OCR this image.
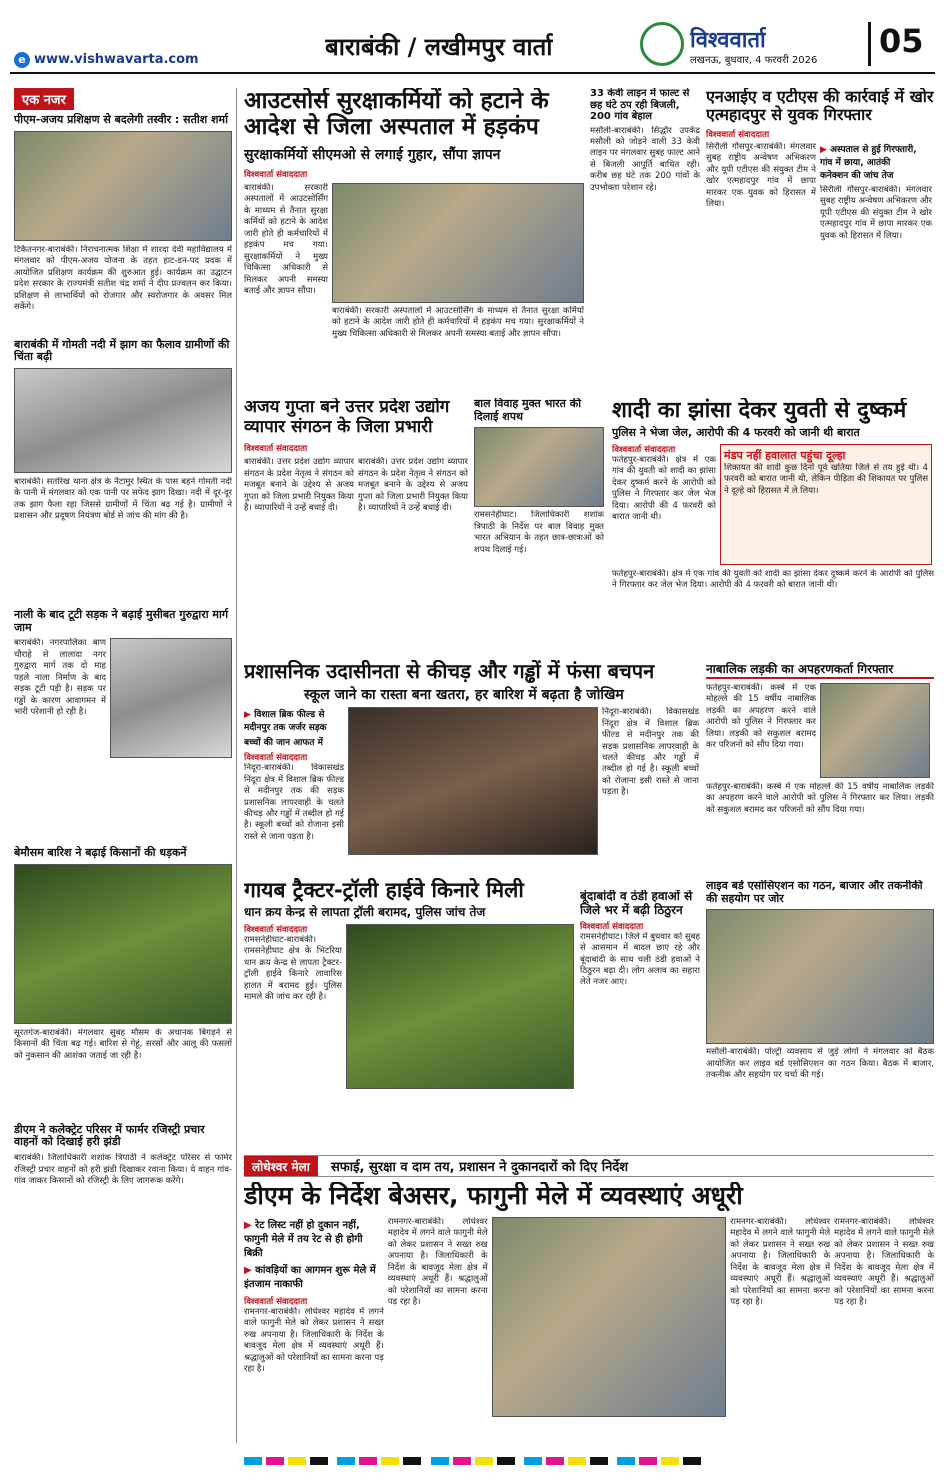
e www.vishwavarta.com	बाराबंकी / लखीमपुर वार्ता	विश्ववार्ता
लखनऊ, बुधवार, 4 फरवरी 2026
05
एक नजर
पीएम-अजय प्रशिक्षण से बदलेगी तस्वीर : सतीश शर्मा

टिकैतनगर-बाराबंकी। निराचनात्मक शिक्षा में शारदा देवी महाविद्यालय में मंगलवार को पीएम-अजय योजना के तहत हाट-डन-पद प्रदक में आयोजित प्रशिक्षण कार्यक्रम की शुरुआत हुई। कार्यक्रम का उद्घाटन प्रदेश सरकार के राज्यमंत्री सतीश चंद्र शर्मा ने दीप प्रज्वलन कर किया। प्रशिक्षण से लाभार्थियों को रोजगार और स्वरोजगार के अवसर मिल सकेंगे।

बाराबंकी में गोमती नदी में झाग का फैलाव ग्रामीणों की चिंता बढ़ी

बाराबंकी। सतरिख थाना क्षेत्र के नैटामुर स्थित के पास बहने गोमती नदी के पानी में मंगलवार को एक पानी पर सफेद झाग दिखा। नदी में दूर-दूर तक झाग फैला रहा जिससे ग्रामीणों में चिंता बढ़ गई है। ग्रामीणों ने प्रशासन और प्रदूषण नियंत्रण बोर्ड से जांच की मांग की है।

नाली के बाद टूटी सड़क ने बढ़ाई मुसीबत गुरुद्वारा मार्ग जाम

बाराबंकी। नगरपालिका बाण चौराहे से लालादा नगर गुरुद्वारा मार्ग तक दो माह पहले नाला निर्माण के बाद सड़क टूटी पड़ी है। सड़क पर गड्ढों के कारण आवागमन में भारी परेशानी हो रही है।

बेमौसम बारिश ने बढ़ाई किसानों की धड़कनें

सूरतगंज-बाराबंकी। मंगलवार सुबह मौसम के अचानक बिगड़ने से किसानों की चिंता बढ़ गई। बारिश से गेहूं, सरसों और आलू की फसलों को नुकसान की आशंका जताई जा रही है।

डीएम ने कलेक्ट्रेट परिसर में फार्मर रजिस्ट्री प्रचार वाहनों को दिखाई हरी झंडी

बाराबंकी। जिलाधिकारी शशांक त्रिपाठी ने कलेक्ट्रेट परिसर से फार्मर रजिस्ट्री प्रचार वाहनों को हरी झंडी दिखाकर रवाना किया। ये वाहन गांव-गांव जाकर किसानों को रजिस्ट्री के लिए जागरूक करेंगे।

आउटसोर्स सुरक्षाकर्मियों को हटाने के आदेश से जिला अस्पताल में हड़कंप
सुरक्षाकर्मियों सीएमओ से लगाई गुहार, सौंपा ज्ञापन
विश्ववार्ता संवाददाता

बाराबंकी। सरकारी अस्पतालों में आउटसोर्सिंग के माध्यम से तैनात सुरक्षा कर्मियों को हटाने के आदेश जारी होते ही कर्मचारियों में हड़कंप मच गया। सुरक्षाकर्मियों ने मुख्य चिकित्सा अधिकारी से मिलकर अपनी समस्या बताई और ज्ञापन सौंपा।

बाराबंकी। सरकारी अस्पतालों में आउटसोर्सिंग के माध्यम से तैनात सुरक्षा कर्मियों को हटाने के आदेश जारी होते ही कर्मचारियों में हड़कंप मच गया। सुरक्षाकर्मियों ने मुख्य चिकित्सा अधिकारी से मिलकर अपनी समस्या बताई और ज्ञापन सौंपा।

33 केवी लाइन में फाल्ट से छह घंटे ठप रही बिजली, 200 गांव बेहाल

मसौली-बाराबंकी। सिद्धौर उपकेंद्र मसौली को जोड़ने वाली 33 केवी लाइन पर मंगलवार सुबह फाल्ट आने से बिजली आपूर्ति बाधित रही। करीब छह घंटे तक 200 गांवों के उपभोक्ता परेशान रहे।

एनआईए व एटीएस की कार्रवाई में खोर एत्महादपुर से युवक गिरफ्तार
विश्ववार्ता संवाददाता

सिरौली गौसपुर-बाराबंकी। मंगलवार सुबह राष्ट्रीय अन्वेषण अभिकरण और यूपी एटीएस की संयुक्त टीम ने खोर एत्महादपुर गांव में छापा मारकर एक युवक को हिरासत में लिया।

▶ अस्पताल से हुई गिरफ्तारी, गांव में छाया, आतंकी
कनेक्शन की जांच तेज

सिरौली गौसपुर-बाराबंकी। मंगलवार सुबह राष्ट्रीय अन्वेषण अभिकरण और यूपी एटीएस की संयुक्त टीम ने खोर एत्महादपुर गांव में छापा मारकर एक युवक को हिरासत में लिया।

अजय गुप्ता बने उत्तर प्रदेश उद्योग व्यापार संगठन के जिला प्रभारी
विश्ववार्ता संवाददाता

बाराबंकी। उत्तर प्रदेश उद्योग व्यापार संगठन के प्रदेश नेतृत्व ने संगठन को मजबूत बनाने के उद्देश्य से अजय गुप्ता को जिला प्रभारी नियुक्त किया है। व्यापारियों ने उन्हें बधाई दी।

बाराबंकी। उत्तर प्रदेश उद्योग व्यापार संगठन के प्रदेश नेतृत्व ने संगठन को मजबूत बनाने के उद्देश्य से अजय गुप्ता को जिला प्रभारी नियुक्त किया है। व्यापारियों ने उन्हें बधाई दी।

बाल विवाह मुक्त भारत की दिलाई शपथ

रामसनेहीघाट। जिलाधिकारी शशांक त्रिपाठी के निर्देश पर बाल विवाह मुक्त भारत अभियान के तहत छात्र-छात्राओं को शपथ दिलाई गई।

शादी का झांसा देकर युवती से दुष्कर्म
पुलिस ने भेजा जेल, आरोपी की 4 फरवरी को जानी थी बारात
विश्ववार्ता संवाददाता

फतेहपुर-बाराबंकी। क्षेत्र में एक गांव की युवती को शादी का झांसा देकर दुष्कर्म करने के आरोपी को पुलिस ने गिरफ्तार कर जेल भेज दिया। आरोपी की 4 फरवरी को बारात जानी थी।

मंडप नहीं हवालात पहुंचा दूल्हा

शिकायत की शादी कुछ दिनों पूर्व खतिया जिले से तय हुई थी। 4 फरवरी को बारात जानी थी, लेकिन पीड़िता की शिकायत पर पुलिस ने दूल्हे को हिरासत में ले लिया।

फतेहपुर-बाराबंकी। क्षेत्र में एक गांव की युवती को शादी का झांसा देकर दुष्कर्म करने के आरोपी को पुलिस ने गिरफ्तार कर जेल भेज दिया। आरोपी की 4 फरवरी को बारात जानी थी।

प्रशासनिक उदासीनता से कीचड़ और गड्ढों में फंसा बचपन
स्कूल जाने का रास्ता बना खतरा, हर बारिश में बढ़ता है जोखिम
▶ विशाल ब्रिक फील्ड से मदीनपुर तक जर्जर सड़क
बच्चों की जान आफत में
विश्ववार्ता संवाददाता

निंदूरा-बाराबंकी। विकासखंड निंदूरा क्षेत्र में विशाल ब्रिक फील्ड से मदीनपुर तक की सड़क प्रशासनिक लापरवाही के चलते कीचड़ और गड्ढों में तब्दील हो गई है। स्कूली बच्चों को रोजाना इसी रास्ते से जाना पड़ता है।

निंदूरा-बाराबंकी। विकासखंड निंदूरा क्षेत्र में विशाल ब्रिक फील्ड से मदीनपुर तक की सड़क प्रशासनिक लापरवाही के चलते कीचड़ और गड्ढों में तब्दील हो गई है। स्कूली बच्चों को रोजाना इसी रास्ते से जाना पड़ता है।

नाबालिक लड़की का अपहरणकर्ता गिरफ्तार

फतेहपुर-बाराबंकी। कस्बे में एक मोहल्ले की 15 वर्षीय नाबालिक लड़की का अपहरण करने वाले आरोपी को पुलिस ने गिरफ्तार कर लिया। लड़की को सकुशल बरामद कर परिजनों को सौंप दिया गया।

फतेहपुर-बाराबंकी। कस्बे में एक मोहल्ले की 15 वर्षीय नाबालिक लड़की का अपहरण करने वाले आरोपी को पुलिस ने गिरफ्तार कर लिया। लड़की को सकुशल बरामद कर परिजनों को सौंप दिया गया।

गायब ट्रैक्टर-ट्रॉली हाईवे किनारे मिली
धान क्रय केन्द्र से लापता ट्रॉली बरामद, पुलिस जांच तेज
विश्ववार्ता संवाददाता

रामसनेहीघाट-बाराबंकी। रामसनेहीघाट क्षेत्र के भिटरिया धान क्रय केन्द्र से लापता ट्रैक्टर-ट्रॉली हाईवे किनारे लावारिस हालत में बरामद हुई। पुलिस मामले की जांच कर रही है।

बूंदाबांदी व ठंडी हवाओं से जिले भर में बढ़ी ठिठुरन
विश्ववार्ता संवाददाता

रामसनेहीघाट। जिले में बुधवार को सुबह से आसमान में बादल छाए रहे और बूंदाबांदी के साथ चली ठंडी हवाओं ने ठिठुरन बढ़ा दी। लोग अलाव का सहारा लेते नजर आए।

लाइव बर्ड एसोसिएशन का गठन, बाजार और तकनीकी की सहयोग पर जोर

मसौली-बाराबंकी। पोल्ट्री व्यवसाय से जुड़े लोगों ने मंगलवार को बैठक आयोजित कर लाइव बर्ड एसोसिएशन का गठन किया। बैठक में बाजार, तकनीक और सहयोग पर चर्चा की गई।

लोधेश्वर मेला सफाई, सुरक्षा व दाम तय, प्रशासन ने दुकानदारों को दिए निर्देश
डीएम के निर्देश बेअसर, फागुनी मेले में व्यवस्थाएं अधूरी
▶ रेट लिस्ट नहीं हो दुकान नहीं, फागुनी मेले में तय रेट से ही होगी बिक्री
▶ कांवड़ियों का आगमन शुरू मेले में इंतजाम नाकाफी
विश्ववार्ता संवाददाता

रामनगर-बाराबंकी। लोधेश्वर महादेव में लगने वाले फागुनी मेले को लेकर प्रशासन ने सख्त रुख अपनाया है। जिलाधिकारी के निर्देश के बावजूद मेला क्षेत्र में व्यवस्थाएं अधूरी हैं। श्रद्धालुओं को परेशानियों का सामना करना पड़ रहा है।

रामनगर-बाराबंकी। लोधेश्वर महादेव में लगने वाले फागुनी मेले को लेकर प्रशासन ने सख्त रुख अपनाया है। जिलाधिकारी के निर्देश के बावजूद मेला क्षेत्र में व्यवस्थाएं अधूरी हैं। श्रद्धालुओं को परेशानियों का सामना करना पड़ रहा है।

रामनगर-बाराबंकी। लोधेश्वर महादेव में लगने वाले फागुनी मेले को लेकर प्रशासन ने सख्त रुख अपनाया है। जिलाधिकारी के निर्देश के बावजूद मेला क्षेत्र में व्यवस्थाएं अधूरी हैं। श्रद्धालुओं को परेशानियों का सामना करना पड़ रहा है।

रामनगर-बाराबंकी। लोधेश्वर महादेव में लगने वाले फागुनी मेले को लेकर प्रशासन ने सख्त रुख अपनाया है। जिलाधिकारी के निर्देश के बावजूद मेला क्षेत्र में व्यवस्थाएं अधूरी हैं। श्रद्धालुओं को परेशानियों का सामना करना पड़ रहा है।
